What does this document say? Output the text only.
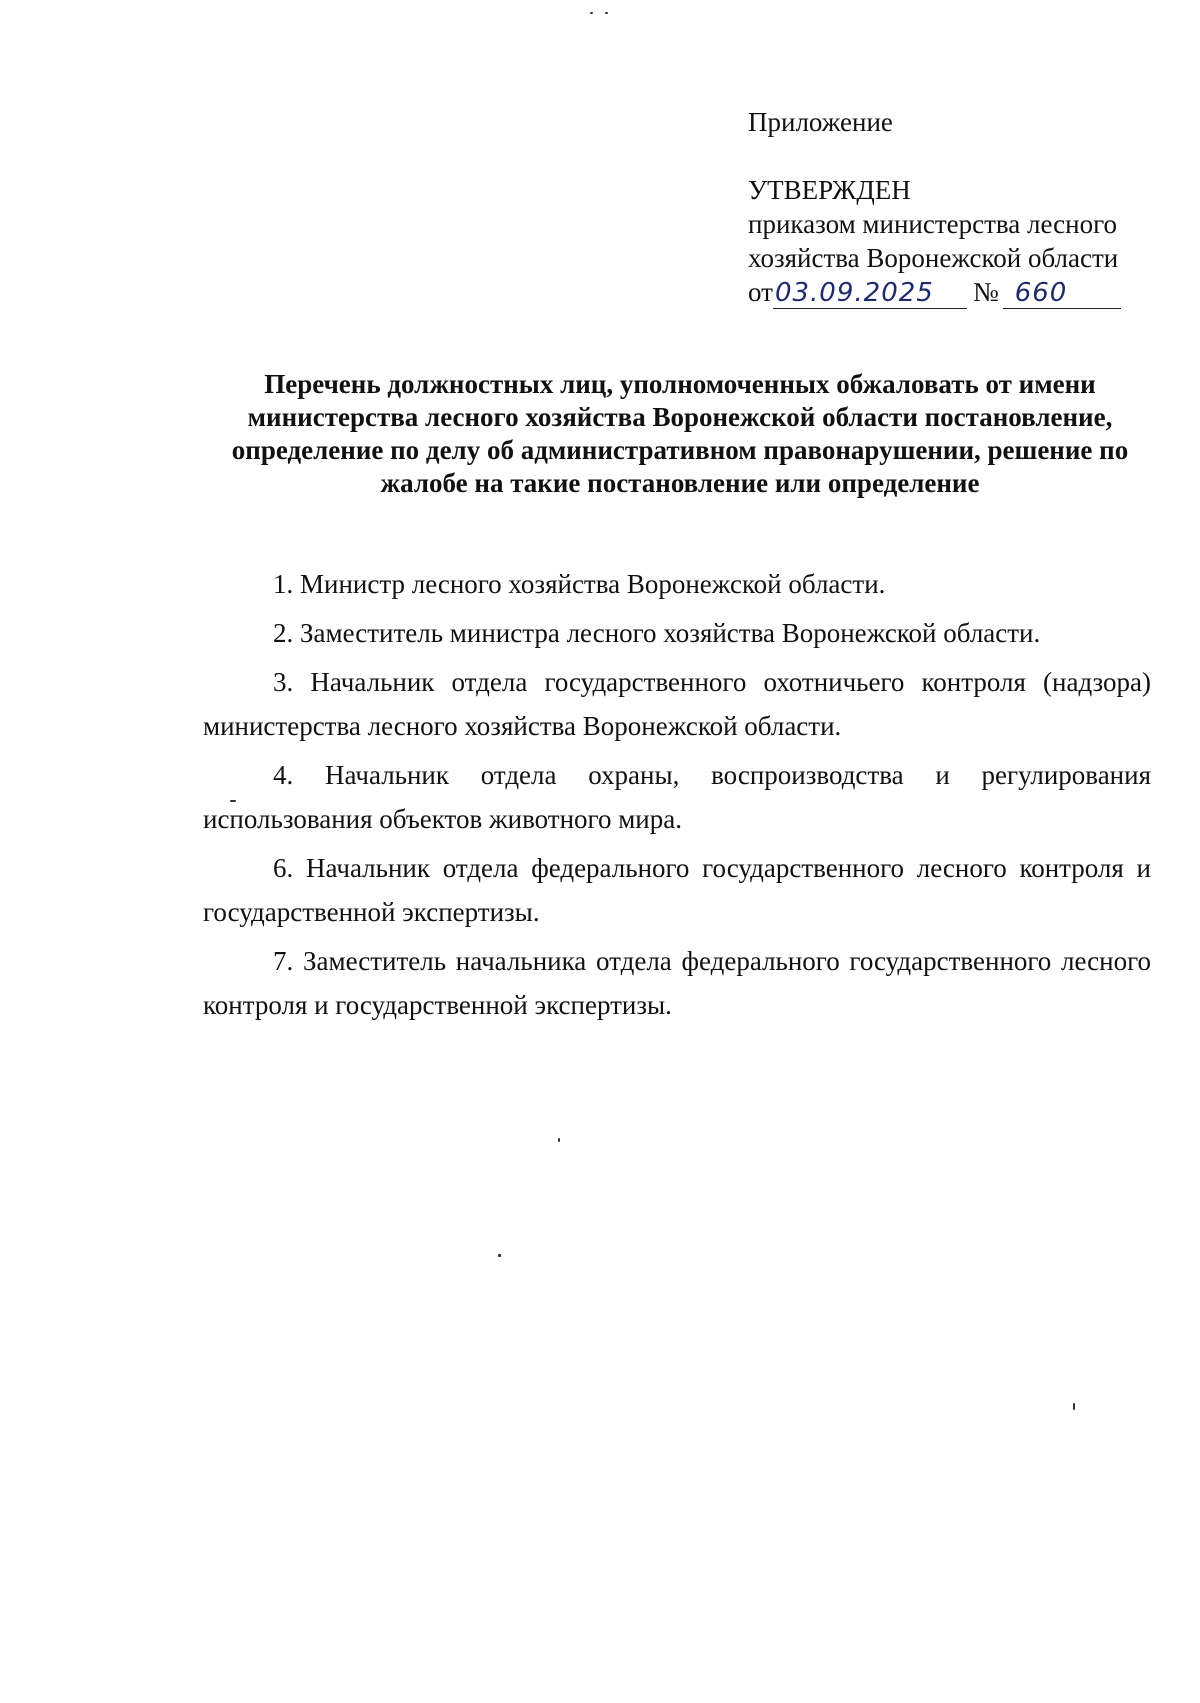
Приложение

УТВЕРЖДЕН

приказом министерства лесного

хозяйства Воронежской области

от03.09.2025 № 660

Перечень должностных лиц, уполномоченных обжаловать от имени министерства лесного хозяйства Воронежской области постановление, определение по делу об административном правонарушении, решение по жалобе на такие постановление или определение

1. Министр лесного хозяйства Воронежской области.

2. Заместитель министра лесного хозяйства Воронежской области.

3. Начальник отдела государственного охотничьего контроля (надзора) министерства лесного хозяйства Воронежской области.

4. Начальник отдела охраны, воспроизводства и регулирования использования объектов животного мира.

6. Начальник отдела федерального государственного лесного контроля и государственной экспертизы.

7. Заместитель начальника отдела федерального государственного лесного контроля и государственной экспертизы.
